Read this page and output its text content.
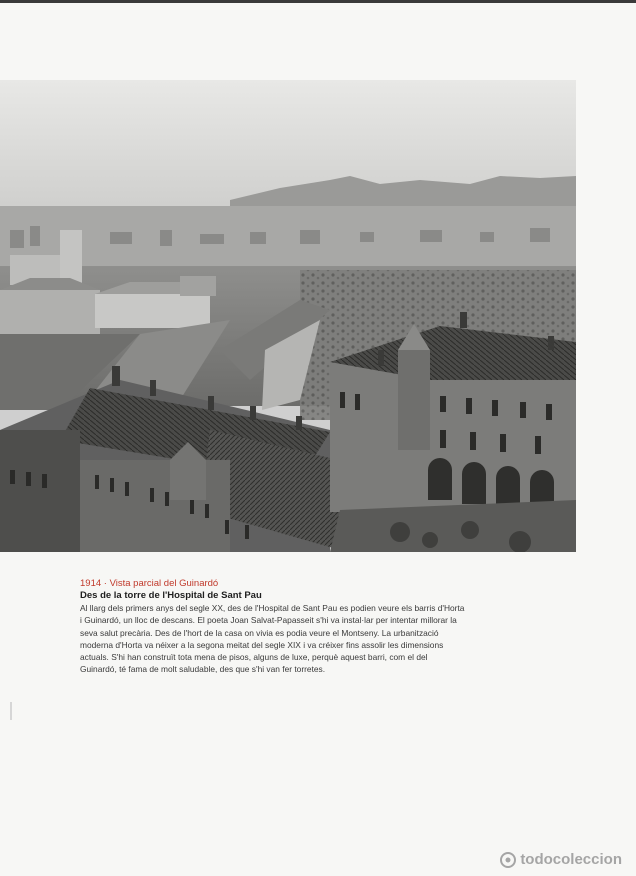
1914 · Vista parcial del Guinardó

Des de la torre de l'Hospital de Sant Pau

Al llarg dels primers anys del segle XX, des de l'Hospital de Sant Pau es podien veure els barris d'Horta i Guinardó, un lloc de descans. El poeta Joan Salvat-Papasseit s'hi va instal·lar per intentar millorar la seva salut precària. Des de l'hort de la casa on vivia es podia veure el Montseny. La urbanització moderna d'Horta va néixer a la segona meitat del segle XIX i va créixer fins assolir les dimensions actuals. S'hi han construït tota mena de pisos, alguns de luxe, perquè aquest barri, com el del Guinardó, té fama de molt saludable, des que s'hi van fer torretes.

todocoleccion
